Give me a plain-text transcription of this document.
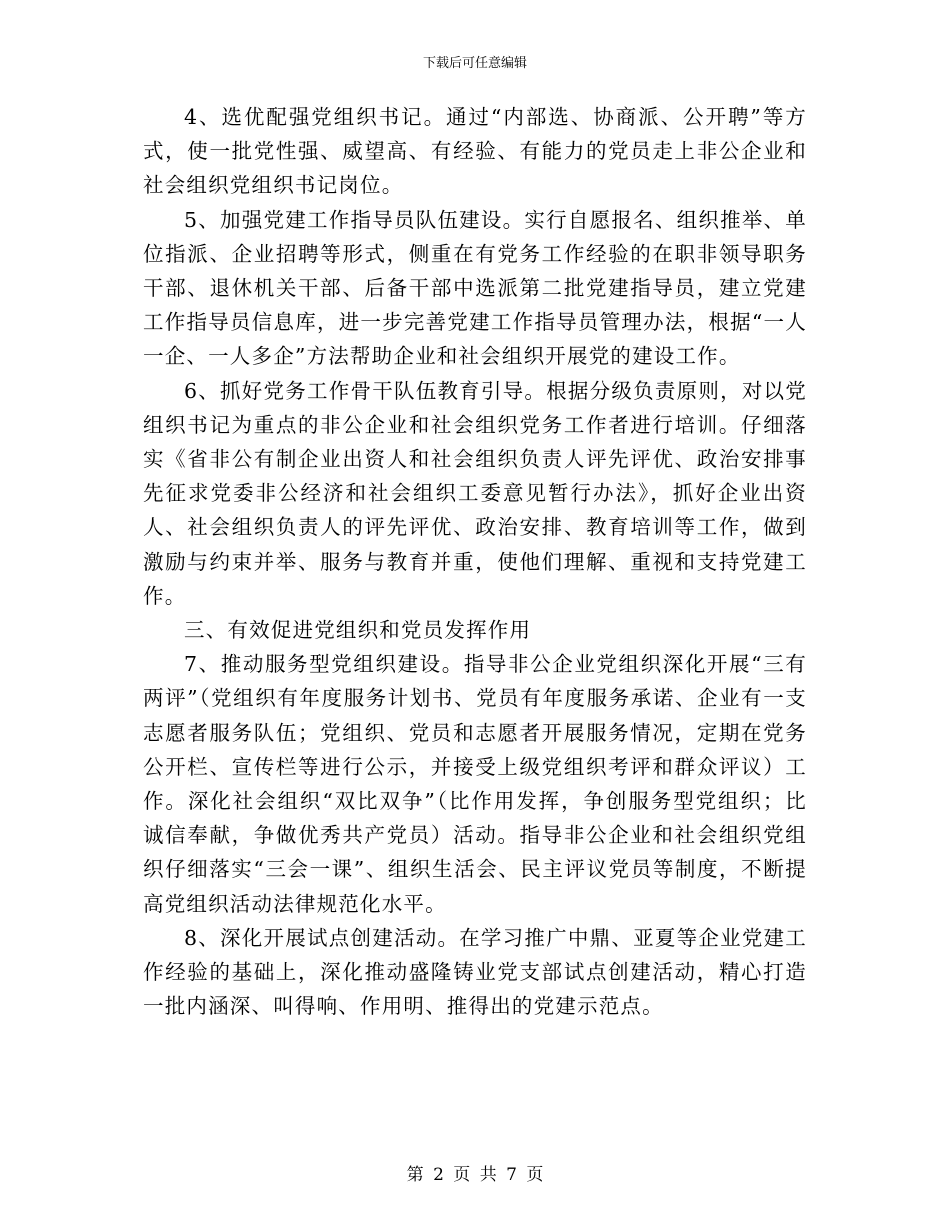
下载后可任意编辑

4、选优配强党组织书记。通过“内部选、协商派、公开聘”等方式，使一批党性强、威望高、有经验、有能力的党员走上非公企业和社会组织党组织书记岗位。

5、加强党建工作指导员队伍建设。实行自愿报名、组织推举、单位指派、企业招聘等形式，侧重在有党务工作经验的在职非领导职务干部、退休机关干部、后备干部中选派第二批党建指导员，建立党建工作指导员信息库，进一步完善党建工作指导员管理办法，根据“一人一企、一人多企”方法帮助企业和社会组织开展党的建设工作。

6、抓好党务工作骨干队伍教育引导。根据分级负责原则，对以党组织书记为重点的非公企业和社会组织党务工作者进行培训。仔细落实《省非公有制企业出资人和社会组织负责人评先评优、政治安排事先征求党委非公经济和社会组织工委意见暂行办法》，抓好企业出资人、社会组织负责人的评先评优、政治安排、教育培训等工作，做到激励与约束并举、服务与教育并重，使他们理解、重视和支持党建工作。

三、有效促进党组织和党员发挥作用

7、推动服务型党组织建设。指导非公企业党组织深化开展“三有两评”（党组织有年度服务计划书、党员有年度服务承诺、企业有一支志愿者服务队伍；党组织、党员和志愿者开展服务情况，定期在党务公开栏、宣传栏等进行公示，并接受上级党组织考评和群众评议）工作。深化社会组织“双比双争”（比作用发挥，争创服务型党组织；比诚信奉献，争做优秀共产党员）活动。指导非公企业和社会组织党组织仔细落实“三会一课”、组织生活会、民主评议党员等制度，不断提高党组织活动法律规范化水平。

8、深化开展试点创建活动。在学习推广中鼎、亚夏等企业党建工作经验的基础上，深化推动盛隆铸业党支部试点创建活动，精心打造一批内涵深、叫得响、作用明、推得出的党建示范点。

第 2 页 共 7 页
